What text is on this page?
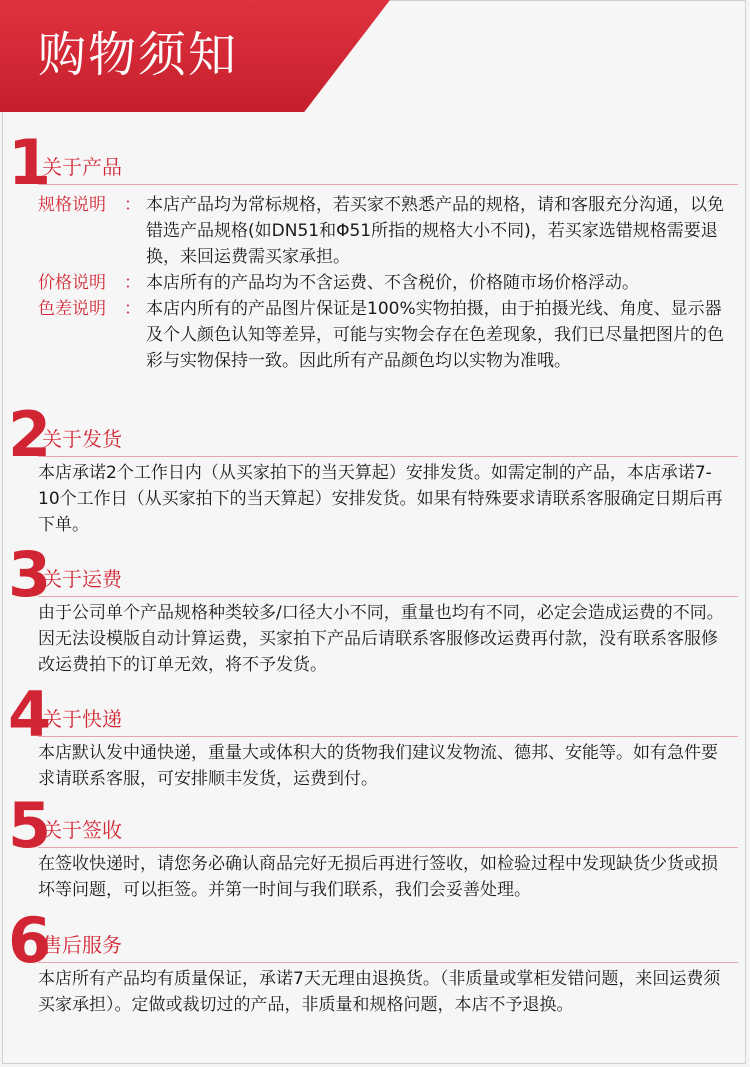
购物须知
1
关于产品
规格说明	： 本店产品均为常标规格，若买家不熟悉产品的规格，请和客服充分沟通，以免错选产品规格(如DN51和Φ51所指的规格大小不同)，若买家选错规格需要退换，来回运费需买家承担。
价格说明	： 本店所有的产品均为不含运费、不含税价，价格随市场价格浮动。
色差说明	： 本店内所有的产品图片保证是100%实物拍摄，由于拍摄光线、角度、显示器及个人颜色认知等差异，可能与实物会存在色差现象，我们已尽量把图片的色彩与实物保持一致。因此所有产品颜色均以实物为准哦。
2
关于发货

本店承诺2个工作日内（从买家拍下的当天算起）安排发货。如需定制的产品，本店承诺7-10个工作日（从买家拍下的当天算起）安排发货。如果有特殊要求请联系客服确定日期后再下单。

3
关于运费

由于公司单个产品规格种类较多/口径大小不同，重量也均有不同，必定会造成运费的不同。因无法设模版自动计算运费，买家拍下产品后请联系客服修改运费再付款，没有联系客服修改运费拍下的订单无效，将不予发货。

4
关于快递

本店默认发中通快递，重量大或体积大的货物我们建议发物流、德邦、安能等。如有急件要求请联系客服，可安排顺丰发货，运费到付。

5
关于签收

在签收快递时，请您务必确认商品完好无损后再进行签收，如检验过程中发现缺货少货或损坏等问题，可以拒签。并第一时间与我们联系，我们会妥善处理。

6
售后服务

本店所有产品均有质量保证，承诺7天无理由退换货。（非质量或掌柜发错问题，来回运费须买家承担）。定做或裁切过的产品，非质量和规格问题，本店不予退换。
